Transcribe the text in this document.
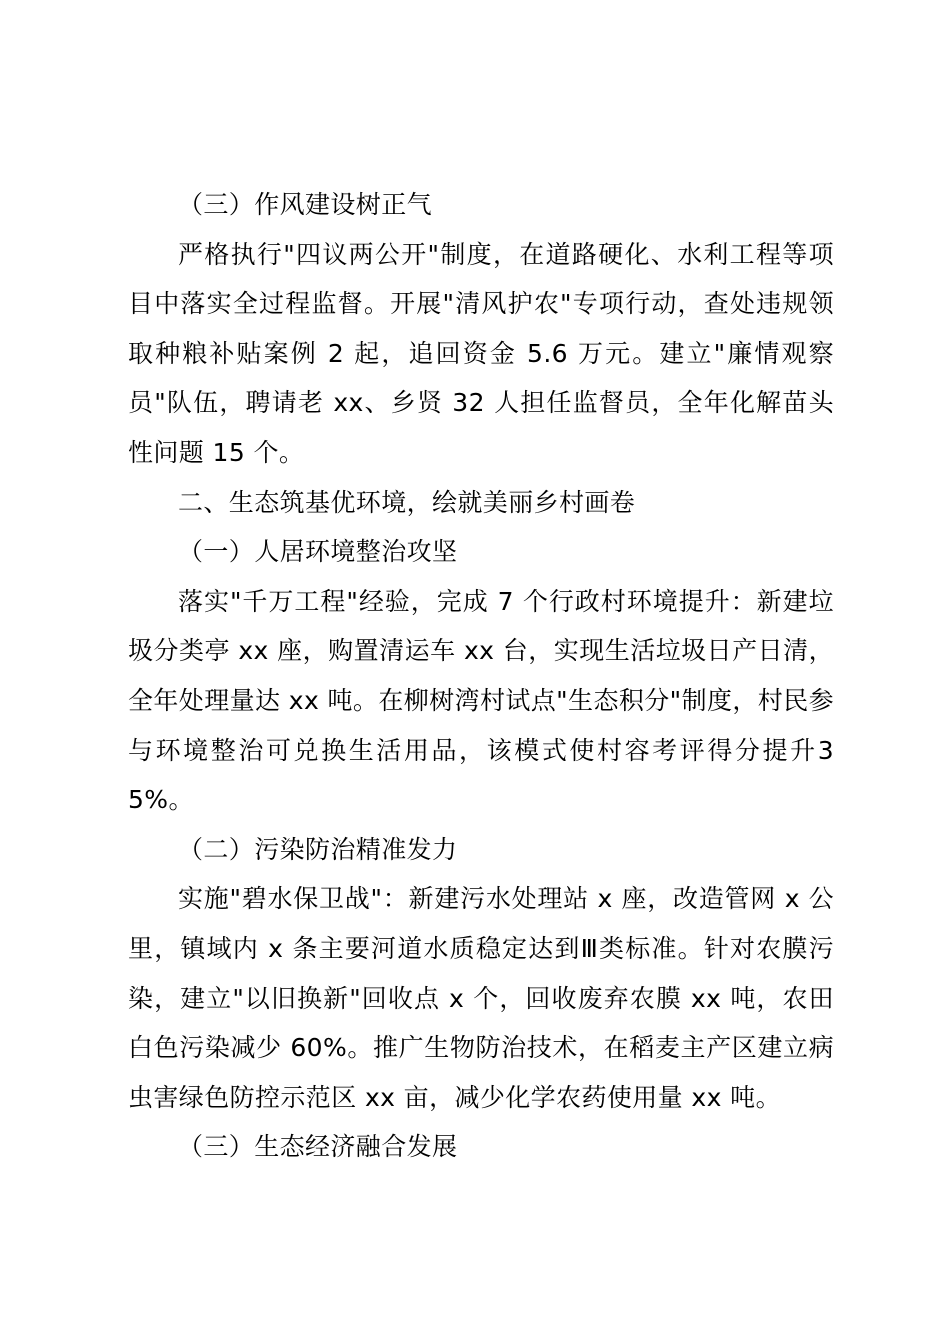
（三）作风建设树正气

严格执行"四议两公开"制度，在道路硬化、水利工程等项目中落实全过程监督。开展"清风护农"专项行动，查处违规领取种粮补贴案例 2 起，追回资金 5.6 万元。建立"廉情观察员"队伍，聘请老 xx、乡贤 32 人担任监督员，全年化解苗头性问题 15 个。

二、生态筑基优环境，绘就美丽乡村画卷

（一）人居环境整治攻坚

落实"千万工程"经验，完成 7 个行政村环境提升：新建垃圾分类亭 xx 座，购置清运车 xx 台，实现生活垃圾日产日清，全年处理量达 xx 吨。在柳树湾村试点"生态积分"制度，村民参与环境整治可兑换生活用品，该模式使村容考评得分提升35%。

（二）污染防治精准发力

实施"碧水保卫战"：新建污水处理站 x 座，改造管网 x 公里，镇域内 x 条主要河道水质稳定达到Ⅲ类标准。针对农膜污染，建立"以旧换新"回收点 x 个，回收废弃农膜 xx 吨，农田白色污染减少 60%。推广生物防治技术，在稻麦主产区建立病虫害绿色防控示范区 xx 亩，减少化学农药使用量 xx 吨。

（三）生态经济融合发展
